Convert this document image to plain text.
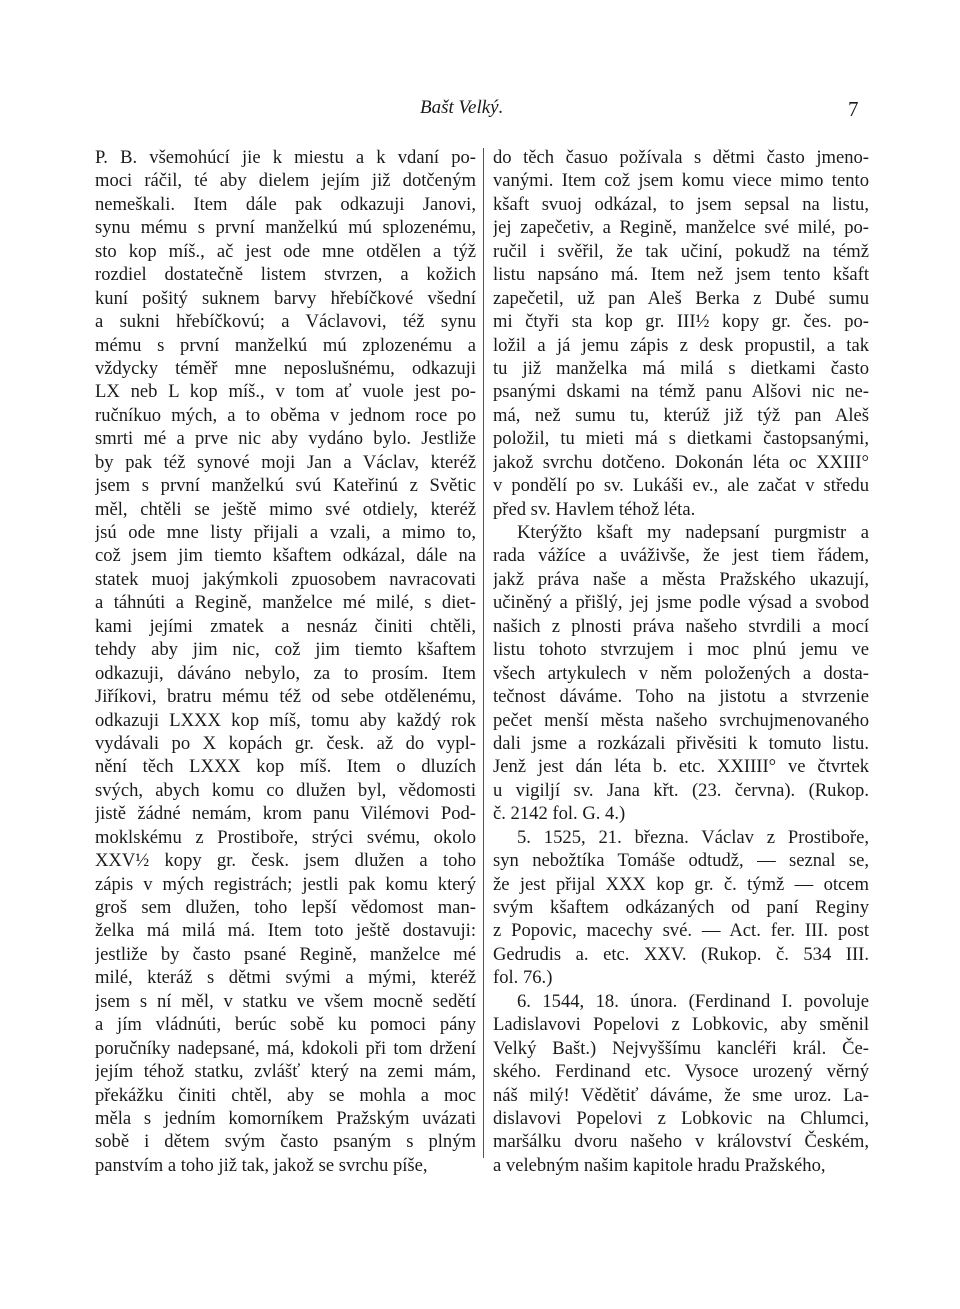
Bašt Velký.	7
P. B. všemohúcí jie k miestu a k vdaní po-
moci ráčil, té aby dielem jejím již dotčeným
nemeškali. Item dále pak odkazuji Janovi,
synu mému s první manželkú mú splozenému,
sto kop míš., ač jest ode mne otdělen a týž
rozdiel dostatečně listem stvrzen, a kožich
kuní pošitý suknem barvy hřebíčkové všední
a sukni hřebíčkovú; a Václavovi, též synu
mému s první manželkú mú zplozenému a
vždycky téměř mne neposlušnému, odkazuji
LX neb L kop míš., v tom ať vuole jest po-
ručníkuo mých, a to oběma v jednom roce po
smrti mé a prve nic aby vydáno bylo. Jestliže
by pak též synové moji Jan a Václav, kteréž
jsem s první manželkú svú Kateřinú z Světic
měl, chtěli se ještě mimo své otdiely, kteréž
jsú ode mne listy přijali a vzali, a mimo to,
což jsem jim tiemto kšaftem odkázal, dále na
statek muoj jakýmkoli zpuosobem navracovati
a táhnúti a Regině, manželce mé milé, s diet-
kami jejími zmatek a nesnáz činiti chtěli,
tehdy aby jim nic, což jim tiemto kšaftem
odkazuji, dáváno nebylo, za to prosím. Item
Jiříkovi, bratru mému též od sebe otdělenému,
odkazuji LXXX kop míš, tomu aby každý rok
vydávali po X kopách gr. česk. až do vypl-
nění těch LXXX kop míš. Item o dluzích
svých, abych komu co dlužen byl, vědomosti
jistě žádné nemám, krom panu Vilémovi Pod-
moklskému z Prostiboře, strýci svému, okolo
XXV½ kopy gr. česk. jsem dlužen a toho
zápis v mých registrách; jestli pak komu který
groš sem dlužen, toho lepší vědomost man-
želka má milá má. Item toto ještě dostavuji:
jestliže by často psané Regině, manželce mé
milé, kteráž s dětmi svými a mými, kteréž
jsem s ní měl, v statku ve všem mocně sedětí
a jím vládnúti, berúc sobě ku pomoci pány
poručníky nadepsané, má, kdokoli při tom držení
jejím téhož statku, zvlášť který na zemi mám,
překážku činiti chtěl, aby se mohla a moc
měla s jedním komorníkem Pražským uvázati
sobě i dětem svým často psaným s plným
panstvím a toho již tak, jakož se svrchu píše,
do těch časuo požívala s dětmi často jmeno-
vanými. Item což jsem komu viece mimo tento
kšaft svuoj odkázal, to jsem sepsal na listu,
jej zapečetiv, a Regině, manželce své milé, po-
ručil i svěřil, že tak učiní, pokudž na témž
listu napsáno má. Item než jsem tento kšaft
zapečetil, už pan Aleš Berka z Dubé sumu
mi čtyři sta kop gr. III½ kopy gr. čes. po-
ložil a já jemu zápis z desk propustil, a tak
tu již manželka má milá s dietkami často
psanými dskami na témž panu Alšovi nic ne-
má, než sumu tu, kterúž již týž pan Aleš
položil, tu mieti má s dietkami častopsanými,
jakož svrchu dotčeno. Dokonán léta oc XXIII°
v pondělí po sv. Lukáši ev., ale začat v středu
před sv. Havlem téhož léta.
Kterýžto kšaft my nadepsaní purgmistr a
rada vážíce a uváživše, že jest tiem řádem,
jakž práva naše a města Pražského ukazují,
učiněný a přišlý, jej jsme podle výsad a svobod
našich z plnosti práva našeho stvrdili a mocí
listu tohoto stvrzujem i moc plnú jemu ve
všech artykulech v něm položených a dosta-
tečnost dáváme. Toho na jistotu a stvrzenie
pečet menší města našeho svrchujmenovaného
dali jsme a rozkázali přivěsiti k tomuto listu.
Jenž jest dán léta b. etc. XXIIII° ve čtvrtek
u vigiljí sv. Jana křt. (23. června). (Rukop.
č. 2142 fol. G. 4.)
5. 1525, 21. března. Václav z Prostiboře,
syn nebožtíka Tomáše odtudž, — seznal se,
že jest přijal XXX kop gr. č. týmž — otcem
svým kšaftem odkázaných od paní Reginy
z Popovic, macechy své. — Act. fer. III. post
Gedrudis a. etc. XXV. (Rukop. č. 534 III.
fol. 76.)
6. 1544, 18. února. (Ferdinand I. povoluje
Ladislavovi Popelovi z Lobkovic, aby směnil
Velký Bašt.) Nejvyššímu kancléři král. Če-
ského. Ferdinand etc. Vysoce urozený věrný
náš milý! Vědětiť dáváme, že sme uroz. La-
dislavovi Popelovi z Lobkovic na Chlumci,
maršálku dvoru našeho v království Českém,
a velebným našim kapitole hradu Pražského,
